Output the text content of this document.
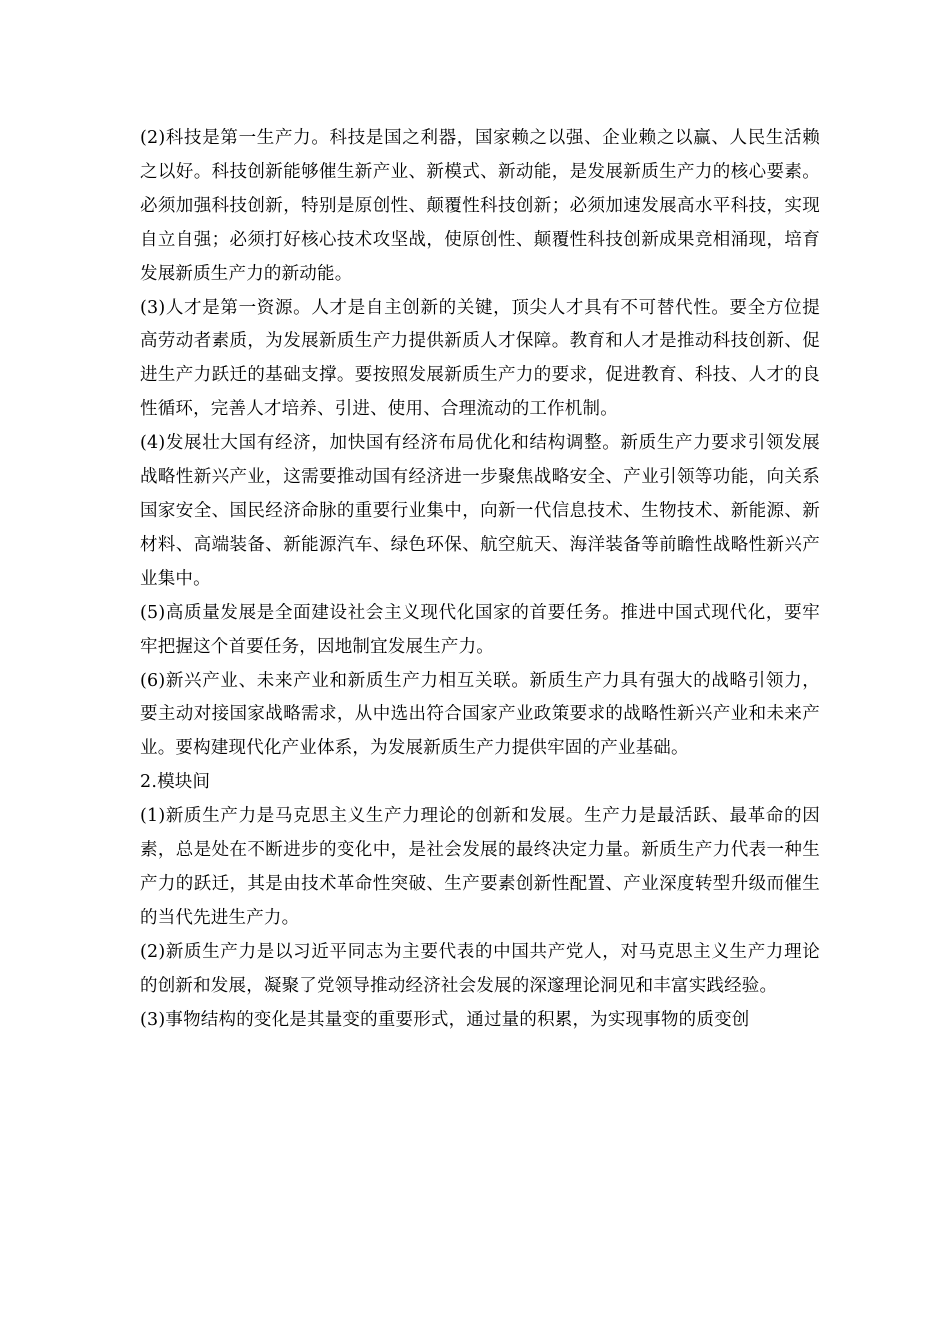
(2)科技是第一生产力。科技是国之利器，国家赖之以强、企业赖之以赢、人民生活赖之以好。科技创新能够催生新产业、新模式、新动能，是发展新质生产力的核心要素。必须加强科技创新，特别是原创性、颠覆性科技创新；必须加速发展高水平科技，实现自立自强；必须打好核心技术攻坚战，使原创性、颠覆性科技创新成果竞相涌现，培育发展新质生产力的新动能。

(3)人才是第一资源。人才是自主创新的关键，顶尖人才具有不可替代性。要全方位提高劳动者素质，为发展新质生产力提供新质人才保障。教育和人才是推动科技创新、促进生产力跃迁的基础支撑。要按照发展新质生产力的要求，促进教育、科技、人才的良性循环，完善人才培养、引进、使用、合理流动的工作机制。

(4)发展壮大国有经济，加快国有经济布局优化和结构调整。新质生产力要求引领发展战略性新兴产业，这需要推动国有经济进一步聚焦战略安全、产业引领等功能，向关系国家安全、国民经济命脉的重要行业集中，向新一代信息技术、生物技术、新能源、新材料、高端装备、新能源汽车、绿色环保、航空航天、海洋装备等前瞻性战略性新兴产业集中。

(5)高质量发展是全面建设社会主义现代化国家的首要任务。推进中国式现代化，要牢牢把握这个首要任务，因地制宜发展生产力。

(6)新兴产业、未来产业和新质生产力相互关联。新质生产力具有强大的战略引领力，要主动对接国家战略需求，从中选出符合国家产业政策要求的战略性新兴产业和未来产业。要构建现代化产业体系，为发展新质生产力提供牢固的产业基础。

2.模块间

(1)新质生产力是马克思主义生产力理论的创新和发展。生产力是最活跃、最革命的因素，总是处在不断进步的变化中，是社会发展的最终决定力量。新质生产力代表一种生产力的跃迁，其是由技术革命性突破、生产要素创新性配置、产业深度转型升级而催生的当代先进生产力。

(2)新质生产力是以习近平同志为主要代表的中国共产党人，对马克思主义生产力理论的创新和发展，凝聚了党领导推动经济社会发展的深邃理论洞见和丰富实践经验。

(3)事物结构的变化是其量变的重要形式，通过量的积累，为实现事物的质变创
